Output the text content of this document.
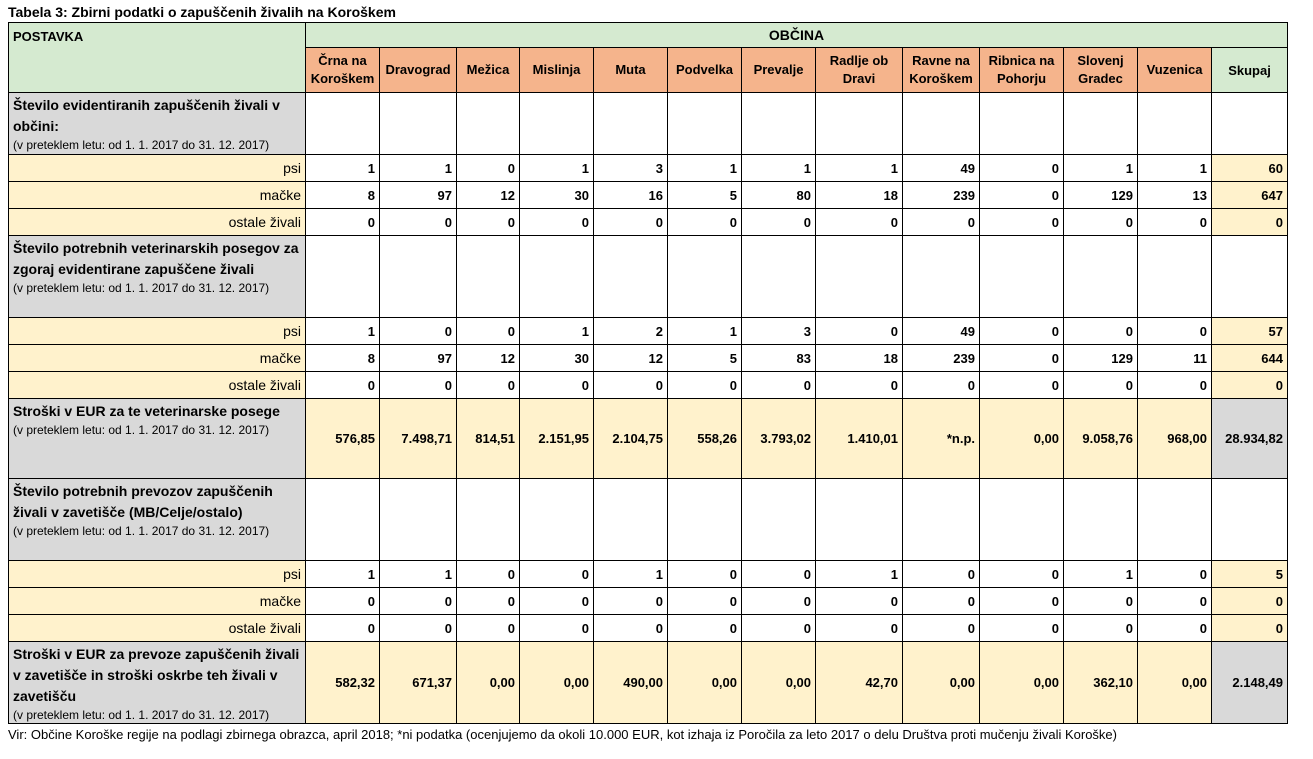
Tabela 3: Zbirni podatki o zapuščenih živalih na Koroškem
POSTAVKA	OBČINA												
	Črna na Koroškem	Dravograd	Mežica	Mislinja	Muta	Podvelka	Prevalje	Radlje ob Dravi	Ravne na Koroškem	Ribnica na Pohorju	Slovenj Gradec	Vuzenica	Skupaj

Število evidentiranih zapuščenih živali v občini:
(v preteklem letu: od 1. 1. 2017 do 31. 12. 2017)													

psi	1	1	0	1	3	1	1	1	49	0	1	1	60
mačke	8	97	12	30	16	5	80	18	239	0	129	13	647
ostale živali	0	0	0	0	0	0	0	0	0	0	0	0	0

Število potrebnih veterinarskih posegov za zgoraj evidentirane zapuščene živali
(v preteklem letu: od 1. 1. 2017 do 31. 12. 2017)													

psi	1	0	0	1	2	1	3	0	49	0	0	0	57
mačke	8	97	12	30	12	5	83	18	239	0	129	11	644
ostale živali	0	0	0	0	0	0	0	0	0	0	0	0	0

Stroški v EUR za te veterinarske posege
(v preteklem letu: od 1. 1. 2017 do 31. 12. 2017)	576,85	7.498,71	814,51	2.151,95	2.104,75	558,26	3.793,02	1.410,01	*n.p.	0,00	9.058,76	968,00	28.934,82

Število potrebnih prevozov zapuščenih živali v zavetišče (MB/Celje/ostalo)
(v preteklem letu: od 1. 1. 2017 do 31. 12. 2017)													

psi	1	1	0	0	1	0	0	1	0	0	1	0	5
mačke	0	0	0	0	0	0	0	0	0	0	0	0	0
ostale živali	0	0	0	0	0	0	0	0	0	0	0	0	0

Stroški v EUR za prevoze zapuščenih živali v zavetišče in stroški oskrbe teh živali v zavetišču
(v preteklem letu: od 1. 1. 2017 do 31. 12. 2017)	582,32	671,37	0,00	0,00	490,00	0,00	0,00	42,70	0,00	0,00	362,10	0,00	2.148,49
Vir: Občine Koroške regije na podlagi zbirnega obrazca, april 2018; *ni podatka (ocenjujemo da okoli 10.000 EUR, kot izhaja iz Poročila za leto 2017 o delu Društva proti mučenju živali Koroške)
